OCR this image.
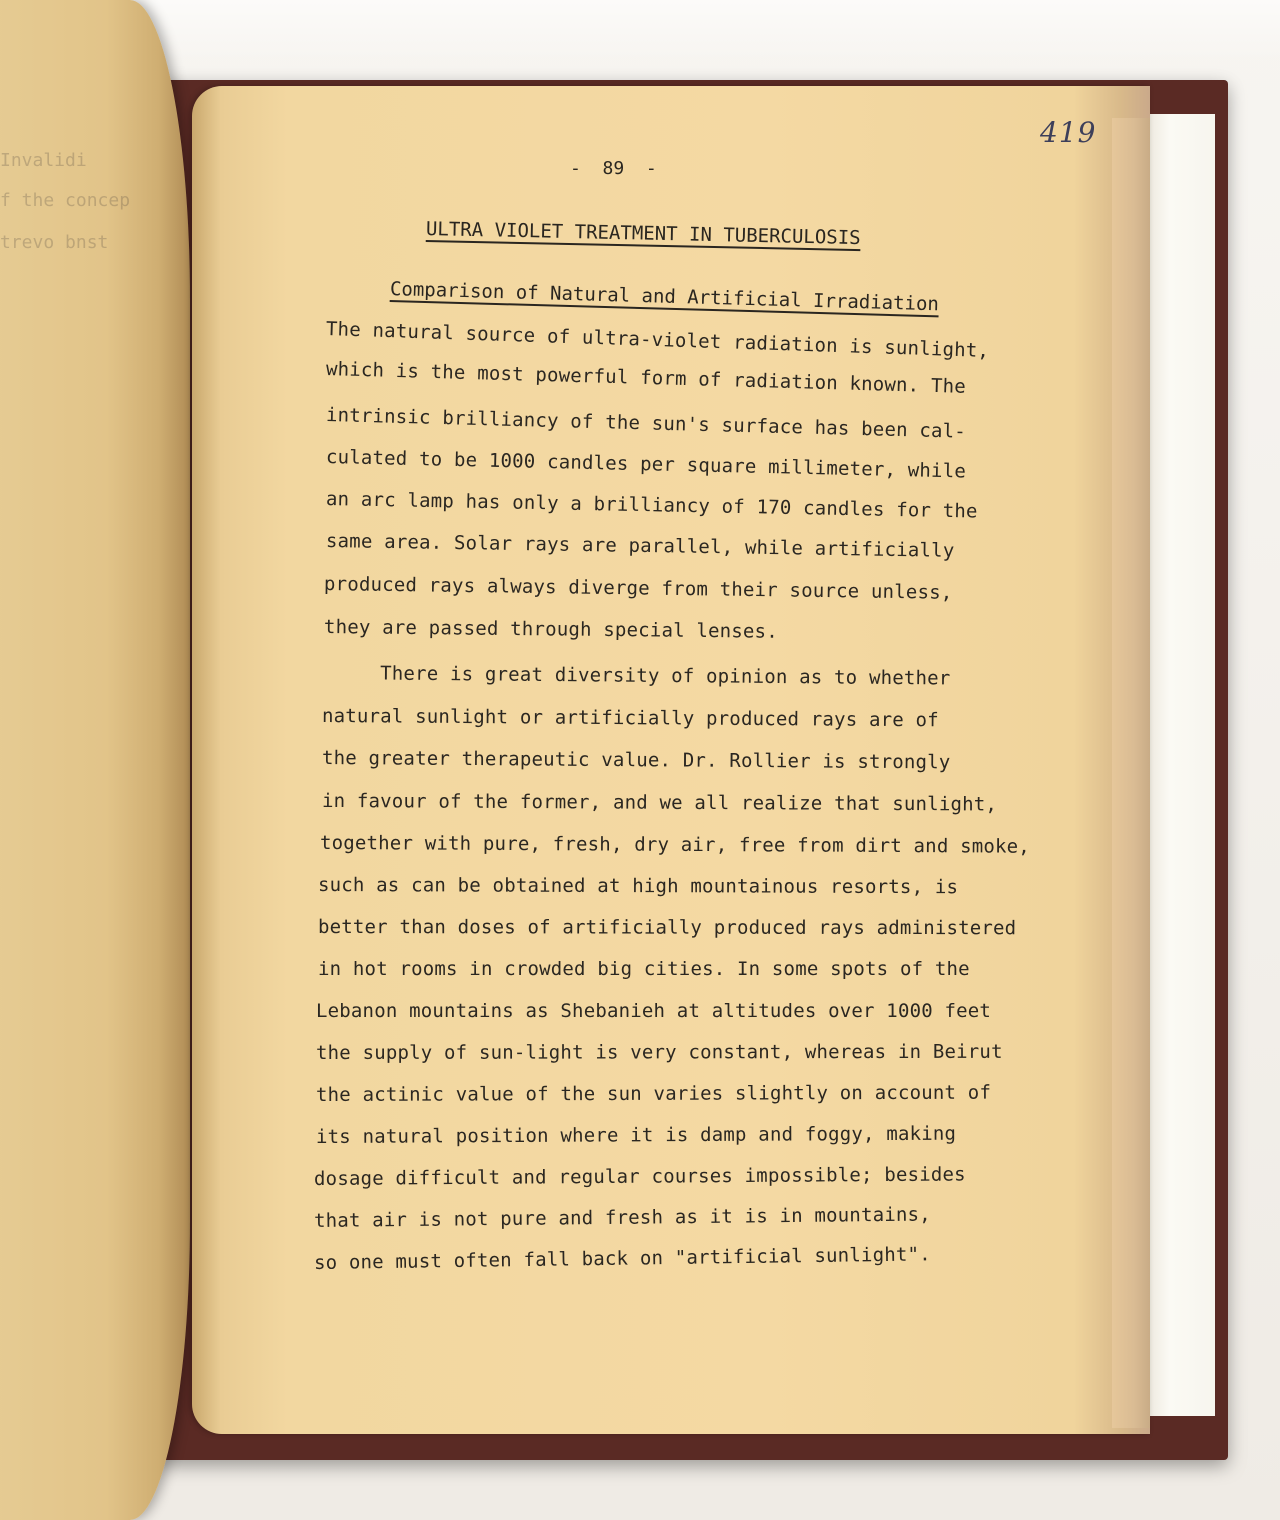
Invalidi
f the concep
trevo bnst
419
-  89  -
ULTRA VIOLET TREATMENT IN TUBERCULOSIS
Comparison of Natural and Artificial Irradiation
The natural source of ultra-violet radiation is sunlight,
which is the most powerful form of radiation known. The
intrinsic brilliancy of the sun's surface has been cal-
culated to be 1000 candles per square millimeter, while
an arc lamp has only a brilliancy of 170 candles for the
same area. Solar rays are parallel, while artificially
produced rays always diverge from their source unless,
they are passed through special lenses.
There is great diversity of opinion as to whether
natural sunlight or artificially produced rays are of
the greater therapeutic value. Dr. Rollier is strongly
in favour of the former, and we all realize that sunlight,
together with pure, fresh, dry air, free from dirt and smoke,
such as can be obtained at high mountainous resorts, is
better than doses of artificially produced rays administered
in hot rooms in crowded big cities. In some spots of the
Lebanon mountains as Shebanieh at altitudes over 1000 feet
the supply of sun-light is very constant, whereas in Beirut
the actinic value of the sun varies slightly on account of
its natural position where it is damp and foggy, making
dosage difficult and regular courses impossible; besides
that air is not pure and fresh as it is in mountains,
so one must often fall back on "artificial sunlight".
